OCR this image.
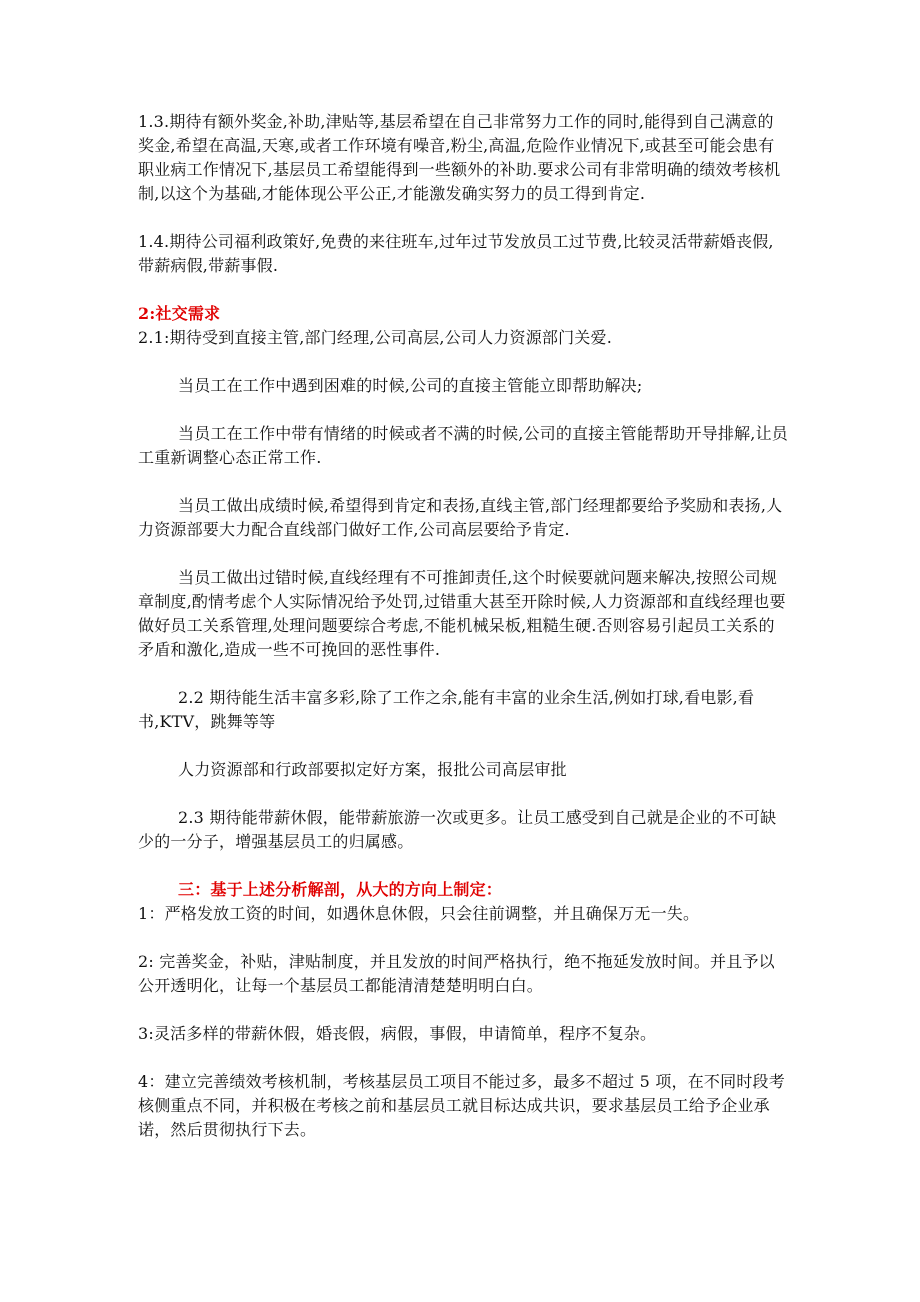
1.3.期待有额外奖金,补助,津贴等,基层希望在自己非常努力工作的同时,能得到自己满意的奖金,希望在高温,天寒,或者工作环境有噪音,粉尘,高温,危险作业情况下,或甚至可能会患有职业病工作情况下,基层员工希望能得到一些额外的补助.要求公司有非常明确的绩效考核机制,以这个为基础,才能体现公平公正,才能激发确实努力的员工得到肯定.

1.4.期待公司福利政策好,免费的来往班车,过年过节发放员工过节费,比较灵活带薪婚丧假,带薪病假,带薪事假.

2:社交需求

2.1:期待受到直接主管,部门经理,公司高层,公司人力资源部门关爱.

当员工在工作中遇到困难的时候,公司的直接主管能立即帮助解决;

当员工在工作中带有情绪的时候或者不满的时候,公司的直接主管能帮助开导排解,让员工重新调整心态正常工作.

当员工做出成绩时候,希望得到肯定和表扬,直线主管,部门经理都要给予奖励和表扬,人力资源部要大力配合直线部门做好工作,公司高层要给予肯定.

当员工做出过错时候,直线经理有不可推卸责任,这个时候要就问题来解决,按照公司规章制度,酌情考虑个人实际情况给予处罚,过错重大甚至开除时候,人力资源部和直线经理也要做好员工关系管理,处理问题要综合考虑,不能机械呆板,粗糙生硬.否则容易引起员工关系的矛盾和激化,造成一些不可挽回的恶性事件.

2.2 期待能生活丰富多彩,除了工作之余,能有丰富的业余生活,例如打球,看电影,看书,KTV，跳舞等等

人力资源部和行政部要拟定好方案，报批公司高层审批

2.3 期待能带薪休假，能带薪旅游一次或更多。让员工感受到自己就是企业的不可缺少的一分子，增强基层员工的归属感。

三：基于上述分析解剖，从大的方向上制定：

1：严格发放工资的时间，如遇休息休假，只会往前调整，并且确保万无一失。

2: 完善奖金，补贴，津贴制度，并且发放的时间严格执行，绝不拖延发放时间。并且予以公开透明化，让每一个基层员工都能清清楚楚明明白白。

3:灵活多样的带薪休假，婚丧假，病假，事假，申请简单，程序不复杂。

4：建立完善绩效考核机制，考核基层员工项目不能过多，最多不超过 5 项，在不同时段考核侧重点不同，并积极在考核之前和基层员工就目标达成共识，要求基层员工给予企业承诺，然后贯彻执行下去。
